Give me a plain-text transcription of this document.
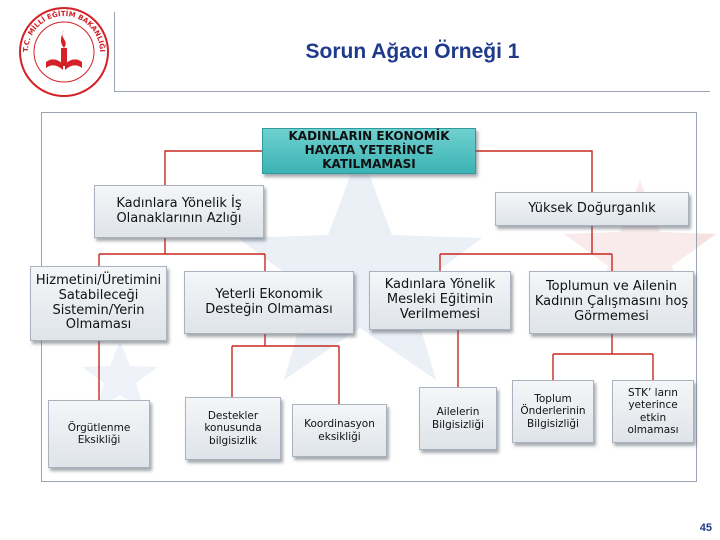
T.C. MİLLİ EĞİTİM BAKANLIĞI	Sorun Ağacı Örneği 1
KADINLARIN EKONOMİK HAYATA YETERİNCE KATILMAMASI
Kadınlara Yönelik İş Olanaklarının Azlığı
Yüksek Doğurganlık
Hizmetini/Üretimini Satabileceği Sistemin/Yerin Olmaması
Yeterli Ekonomik Desteğin Olmaması
Kadınlara Yönelik Mesleki Eğitimin Verilmemesi
Toplumun ve Ailenin Kadının Çalışmasını hoş Görmemesi
Örgütlenme Eksikliği
Destekler konusunda bilgisizlik
Koordinasyon eksikliği
Ailelerin Bilgisizliği
Toplum Önderlerinin Bilgisizliği
STK’ ların yeterince etkin olmaması
45
